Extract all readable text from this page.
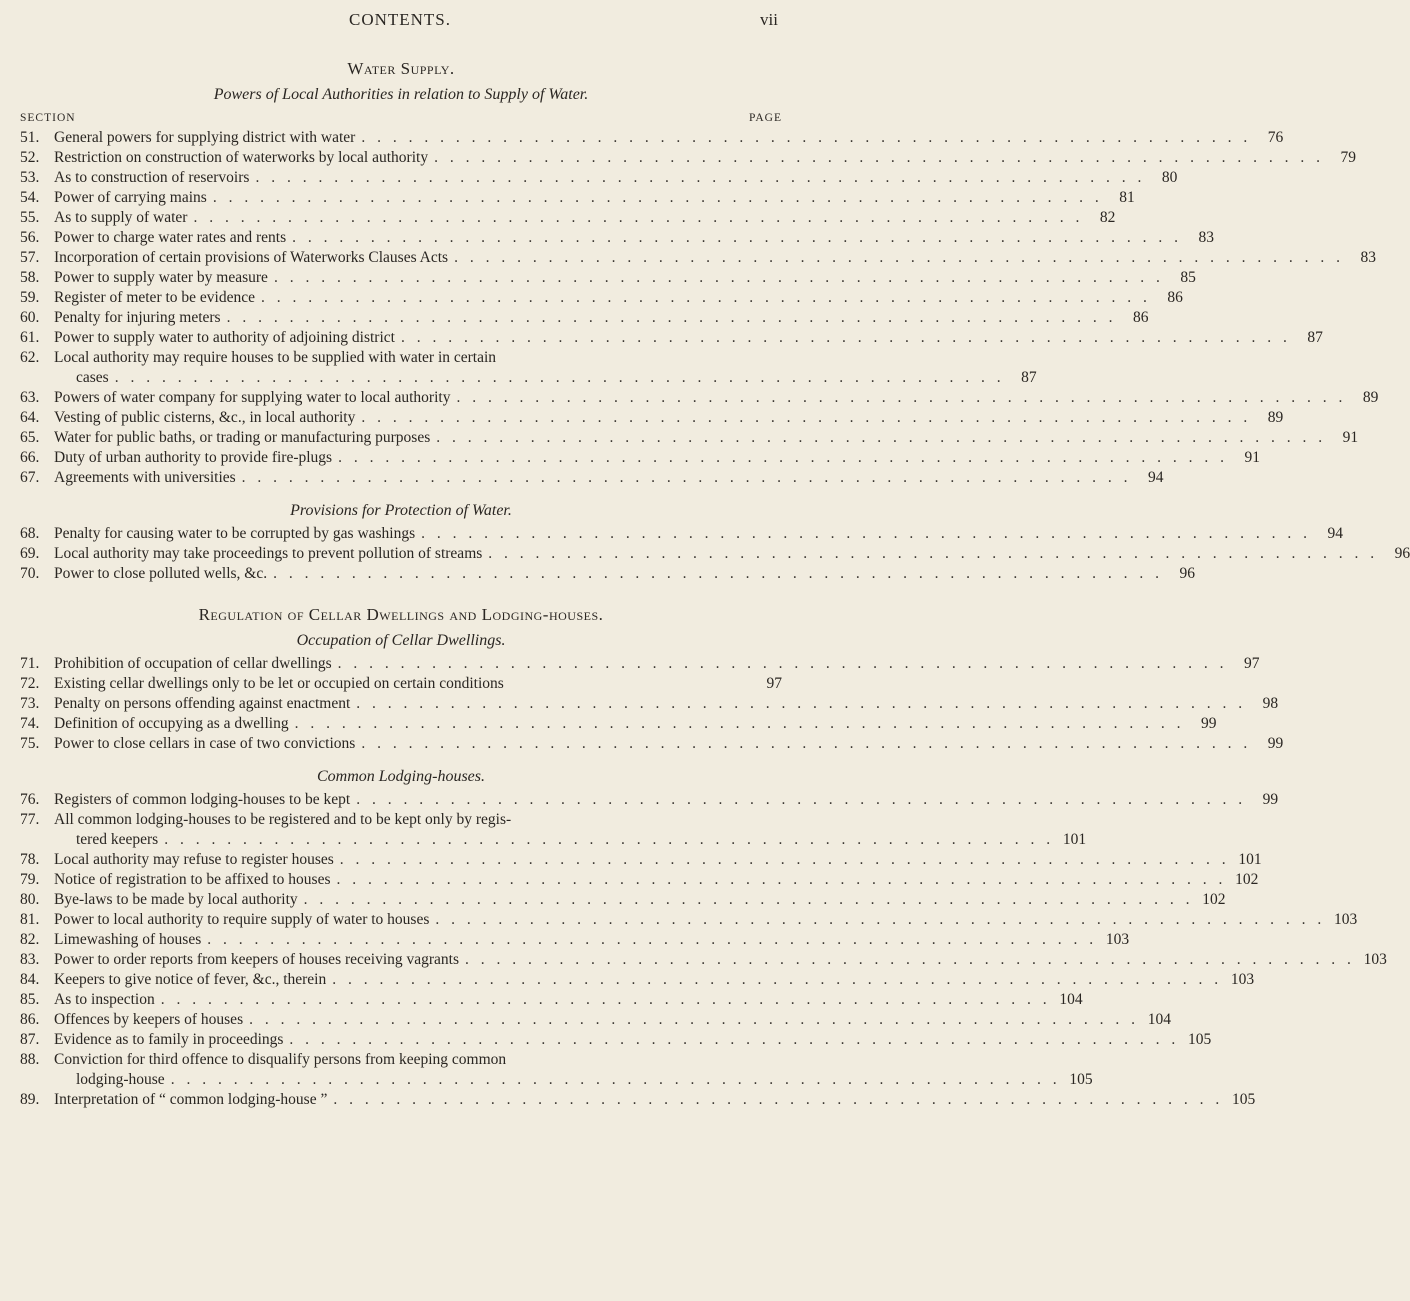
CONTENTS.	vii
Water Supply.
Powers of Local Authorities in relation to Supply of Water.
SECTION	PAGE
51. General powers for supplying district with water . . . . . . . . . . . . . . . . . . . . . . . . . . . . . . . . . . . . . . . . . . . . . . . . . . . . . . . . .	76
52. Restriction on construction of waterworks by local authority . . . . . . . . . . . . . . . . . . . . . . . . . . . . . . . . . . . . . . . . . . . . . . . . . . . . . . . . .	79
53. As to construction of reservoirs . . . . . . . . . . . . . . . . . . . . . . . . . . . . . . . . . . . . . . . . . . . . . . . . . . . . . . . . .	80
54. Power of carrying mains . . . . . . . . . . . . . . . . . . . . . . . . . . . . . . . . . . . . . . . . . . . . . . . . . . . . . . . . .	81
55. As to supply of water . . . . . . . . . . . . . . . . . . . . . . . . . . . . . . . . . . . . . . . . . . . . . . . . . . . . . . . . .	82
56. Power to charge water rates and rents . . . . . . . . . . . . . . . . . . . . . . . . . . . . . . . . . . . . . . . . . . . . . . . . . . . . . . . . .	83
57. Incorporation of certain provisions of Waterworks Clauses Acts . . . . . . . . . . . . . . . . . . . . . . . . . . . . . . . . . . . . . . . . . . . . . . . . . . . . . . . . .	83
58. Power to supply water by measure . . . . . . . . . . . . . . . . . . . . . . . . . . . . . . . . . . . . . . . . . . . . . . . . . . . . . . . . .	85
59. Register of meter to be evidence . . . . . . . . . . . . . . . . . . . . . . . . . . . . . . . . . . . . . . . . . . . . . . . . . . . . . . . . .	86
60. Penalty for injuring meters . . . . . . . . . . . . . . . . . . . . . . . . . . . . . . . . . . . . . . . . . . . . . . . . . . . . . . . . .	86
61. Power to supply water to authority of adjoining district . . . . . . . . . . . . . . . . . . . . . . . . . . . . . . . . . . . . . . . . . . . . . . . . . . . . . . . . .	87
62. Local authority may require houses to be supplied with water in certain
cases . . . . . . . . . . . . . . . . . . . . . . . . . . . . . . . . . . . . . . . . . . . . . . . . . . . . . . . . .	87
63. Powers of water company for supplying water to local authority . . . . . . . . . . . . . . . . . . . . . . . . . . . . . . . . . . . . . . . . . . . . . . . . . . . . . . . . .	89
64. Vesting of public cisterns, &c., in local authority . . . . . . . . . . . . . . . . . . . . . . . . . . . . . . . . . . . . . . . . . . . . . . . . . . . . . . . . .	89
65. Water for public baths, or trading or manufacturing purposes . . . . . . . . . . . . . . . . . . . . . . . . . . . . . . . . . . . . . . . . . . . . . . . . . . . . . . . . .	91
66. Duty of urban authority to provide fire-plugs . . . . . . . . . . . . . . . . . . . . . . . . . . . . . . . . . . . . . . . . . . . . . . . . . . . . . . . . .	91
67. Agreements with universities . . . . . . . . . . . . . . . . . . . . . . . . . . . . . . . . . . . . . . . . . . . . . . . . . . . . . . . . .	94
Provisions for Protection of Water.
68. Penalty for causing water to be corrupted by gas washings . . . . . . . . . . . . . . . . . . . . . . . . . . . . . . . . . . . . . . . . . . . . . . . . . . . . . . . . .	94
69. Local authority may take proceedings to prevent pollution of streams . . . . . . . . . . . . . . . . . . . . . . . . . . . . . . . . . . . . . . . . . . . . . . . . . . . . . . . . .	96
70. Power to close polluted wells, &c. . . . . . . . . . . . . . . . . . . . . . . . . . . . . . . . . . . . . . . . . . . . . . . . . . . . . . . . . .	96
Regulation of Cellar Dwellings and Lodging-houses.
Occupation of Cellar Dwellings.
71. Prohibition of occupation of cellar dwellings . . . . . . . . . . . . . . . . . . . . . . . . . . . . . . . . . . . . . . . . . . . . . . . . . . . . . . . . .	97
72. Existing cellar dwellings only to be let or occupied on certain conditions	97
73. Penalty on persons offending against enactment . . . . . . . . . . . . . . . . . . . . . . . . . . . . . . . . . . . . . . . . . . . . . . . . . . . . . . . . .	98
74. Definition of occupying as a dwelling . . . . . . . . . . . . . . . . . . . . . . . . . . . . . . . . . . . . . . . . . . . . . . . . . . . . . . . . .	99
75. Power to close cellars in case of two convictions . . . . . . . . . . . . . . . . . . . . . . . . . . . . . . . . . . . . . . . . . . . . . . . . . . . . . . . . .	99
Common Lodging-houses.
76. Registers of common lodging-houses to be kept . . . . . . . . . . . . . . . . . . . . . . . . . . . . . . . . . . . . . . . . . . . . . . . . . . . . . . . . .	99
77. All common lodging-houses to be registered and to be kept only by regis-
tered keepers . . . . . . . . . . . . . . . . . . . . . . . . . . . . . . . . . . . . . . . . . . . . . . . . . . . . . . . . . 101
78. Local authority may refuse to register houses . . . . . . . . . . . . . . . . . . . . . . . . . . . . . . . . . . . . . . . . . . . . . . . . . . . . . . . . . 101
79. Notice of registration to be affixed to houses . . . . . . . . . . . . . . . . . . . . . . . . . . . . . . . . . . . . . . . . . . . . . . . . . . . . . . . . . 102
80. Bye-laws to be made by local authority . . . . . . . . . . . . . . . . . . . . . . . . . . . . . . . . . . . . . . . . . . . . . . . . . . . . . . . . . 102
81. Power to local authority to require supply of water to houses . . . . . . . . . . . . . . . . . . . . . . . . . . . . . . . . . . . . . . . . . . . . . . . . . . . . . . . . . 103
82. Limewashing of houses . . . . . . . . . . . . . . . . . . . . . . . . . . . . . . . . . . . . . . . . . . . . . . . . . . . . . . . . . 103
83. Power to order reports from keepers of houses receiving vagrants . . . . . . . . . . . . . . . . . . . . . . . . . . . . . . . . . . . . . . . . . . . . . . . . . . . . . . . . . 103
84. Keepers to give notice of fever, &c., therein . . . . . . . . . . . . . . . . . . . . . . . . . . . . . . . . . . . . . . . . . . . . . . . . . . . . . . . . . 103
85. As to inspection . . . . . . . . . . . . . . . . . . . . . . . . . . . . . . . . . . . . . . . . . . . . . . . . . . . . . . . . . 104
86. Offences by keepers of houses . . . . . . . . . . . . . . . . . . . . . . . . . . . . . . . . . . . . . . . . . . . . . . . . . . . . . . . . . 104
87. Evidence as to family in proceedings . . . . . . . . . . . . . . . . . . . . . . . . . . . . . . . . . . . . . . . . . . . . . . . . . . . . . . . . . 105
88. Conviction for third offence to disqualify persons from keeping common
lodging-house . . . . . . . . . . . . . . . . . . . . . . . . . . . . . . . . . . . . . . . . . . . . . . . . . . . . . . . . . 105
89. Interpretation of “ common lodging-house ” . . . . . . . . . . . . . . . . . . . . . . . . . . . . . . . . . . . . . . . . . . . . . . . . . . . . . . . . . 105
